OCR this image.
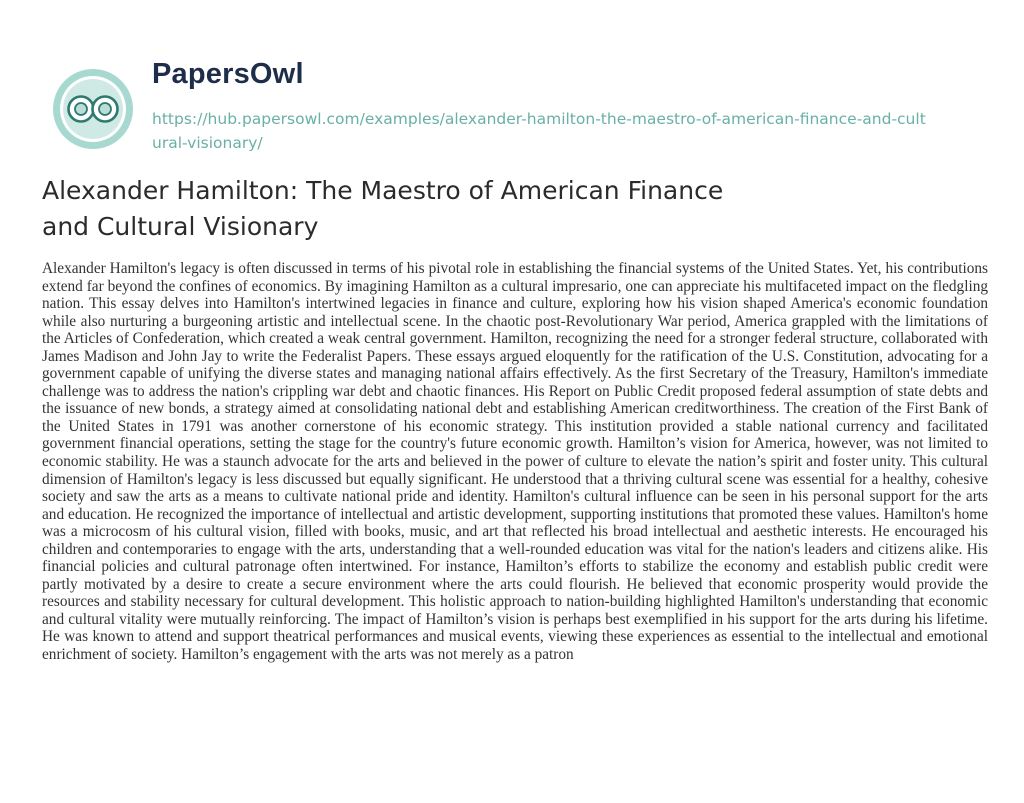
PapersOwl
https://hub.papersowl.com/examples/alexander-hamilton-the-maestro-of-american-finance-and-cultural-visionary/
Alexander Hamilton: The Maestro of American Finance and Cultural Visionary

Alexander Hamilton's legacy is often discussed in terms of his pivotal role in establishing the financial systems of the United States. Yet, his contributions extend far beyond the confines of economics. By imagining Hamilton as a cultural impresario, one can appreciate his multifaceted impact on the fledgling nation. This essay delves into Hamilton's intertwined legacies in finance and culture, exploring how his vision shaped America's economic foundation while also nurturing a burgeoning artistic and intellectual scene. In the chaotic post-Revolutionary War period, America grappled with the limitations of the Articles of Confederation, which created a weak central government. Hamilton, recognizing the need for a stronger federal structure, collaborated with James Madison and John Jay to write the Federalist Papers. These essays argued eloquently for the ratification of the U.S. Constitution, advocating for a government capable of unifying the diverse states and managing national affairs effectively. As the first Secretary of the Treasury, Hamilton's immediate challenge was to address the nation's crippling war debt and chaotic finances. His Report on Public Credit proposed federal assumption of state debts and the issuance of new bonds, a strategy aimed at consolidating national debt and establishing American creditworthiness. The creation of the First Bank of the United States in 1791 was another cornerstone of his economic strategy. This institution provided a stable national currency and facilitated government financial operations, setting the stage for the country's future economic growth. Hamilton’s vision for America, however, was not limited to economic stability. He was a staunch advocate for the arts and believed in the power of culture to elevate the nation’s spirit and foster unity. This cultural dimension of Hamilton's legacy is less discussed but equally significant. He understood that a thriving cultural scene was essential for a healthy, cohesive society and saw the arts as a means to cultivate national pride and identity. Hamilton's cultural influence can be seen in his personal support for the arts and education. He recognized the importance of intellectual and artistic development, supporting institutions that promoted these values. Hamilton's home was a microcosm of his cultural vision, filled with books, music, and art that reflected his broad intellectual and aesthetic interests. He encouraged his children and contemporaries to engage with the arts, understanding that a well-rounded education was vital for the nation's leaders and citizens alike. His financial policies and cultural patronage often intertwined. For instance, Hamilton’s efforts to stabilize the economy and establish public credit were partly motivated by a desire to create a secure environment where the arts could flourish. He believed that economic prosperity would provide the resources and stability necessary for cultural development. This holistic approach to nation-building highlighted Hamilton's understanding that economic and cultural vitality were mutually reinforcing. The impact of Hamilton’s vision is perhaps best exemplified in his support for the arts during his lifetime. He was known to attend and support theatrical performances and musical events, viewing these experiences as essential to the intellectual and emotional enrichment of society. Hamilton’s engagement with the arts was not merely as a patron
